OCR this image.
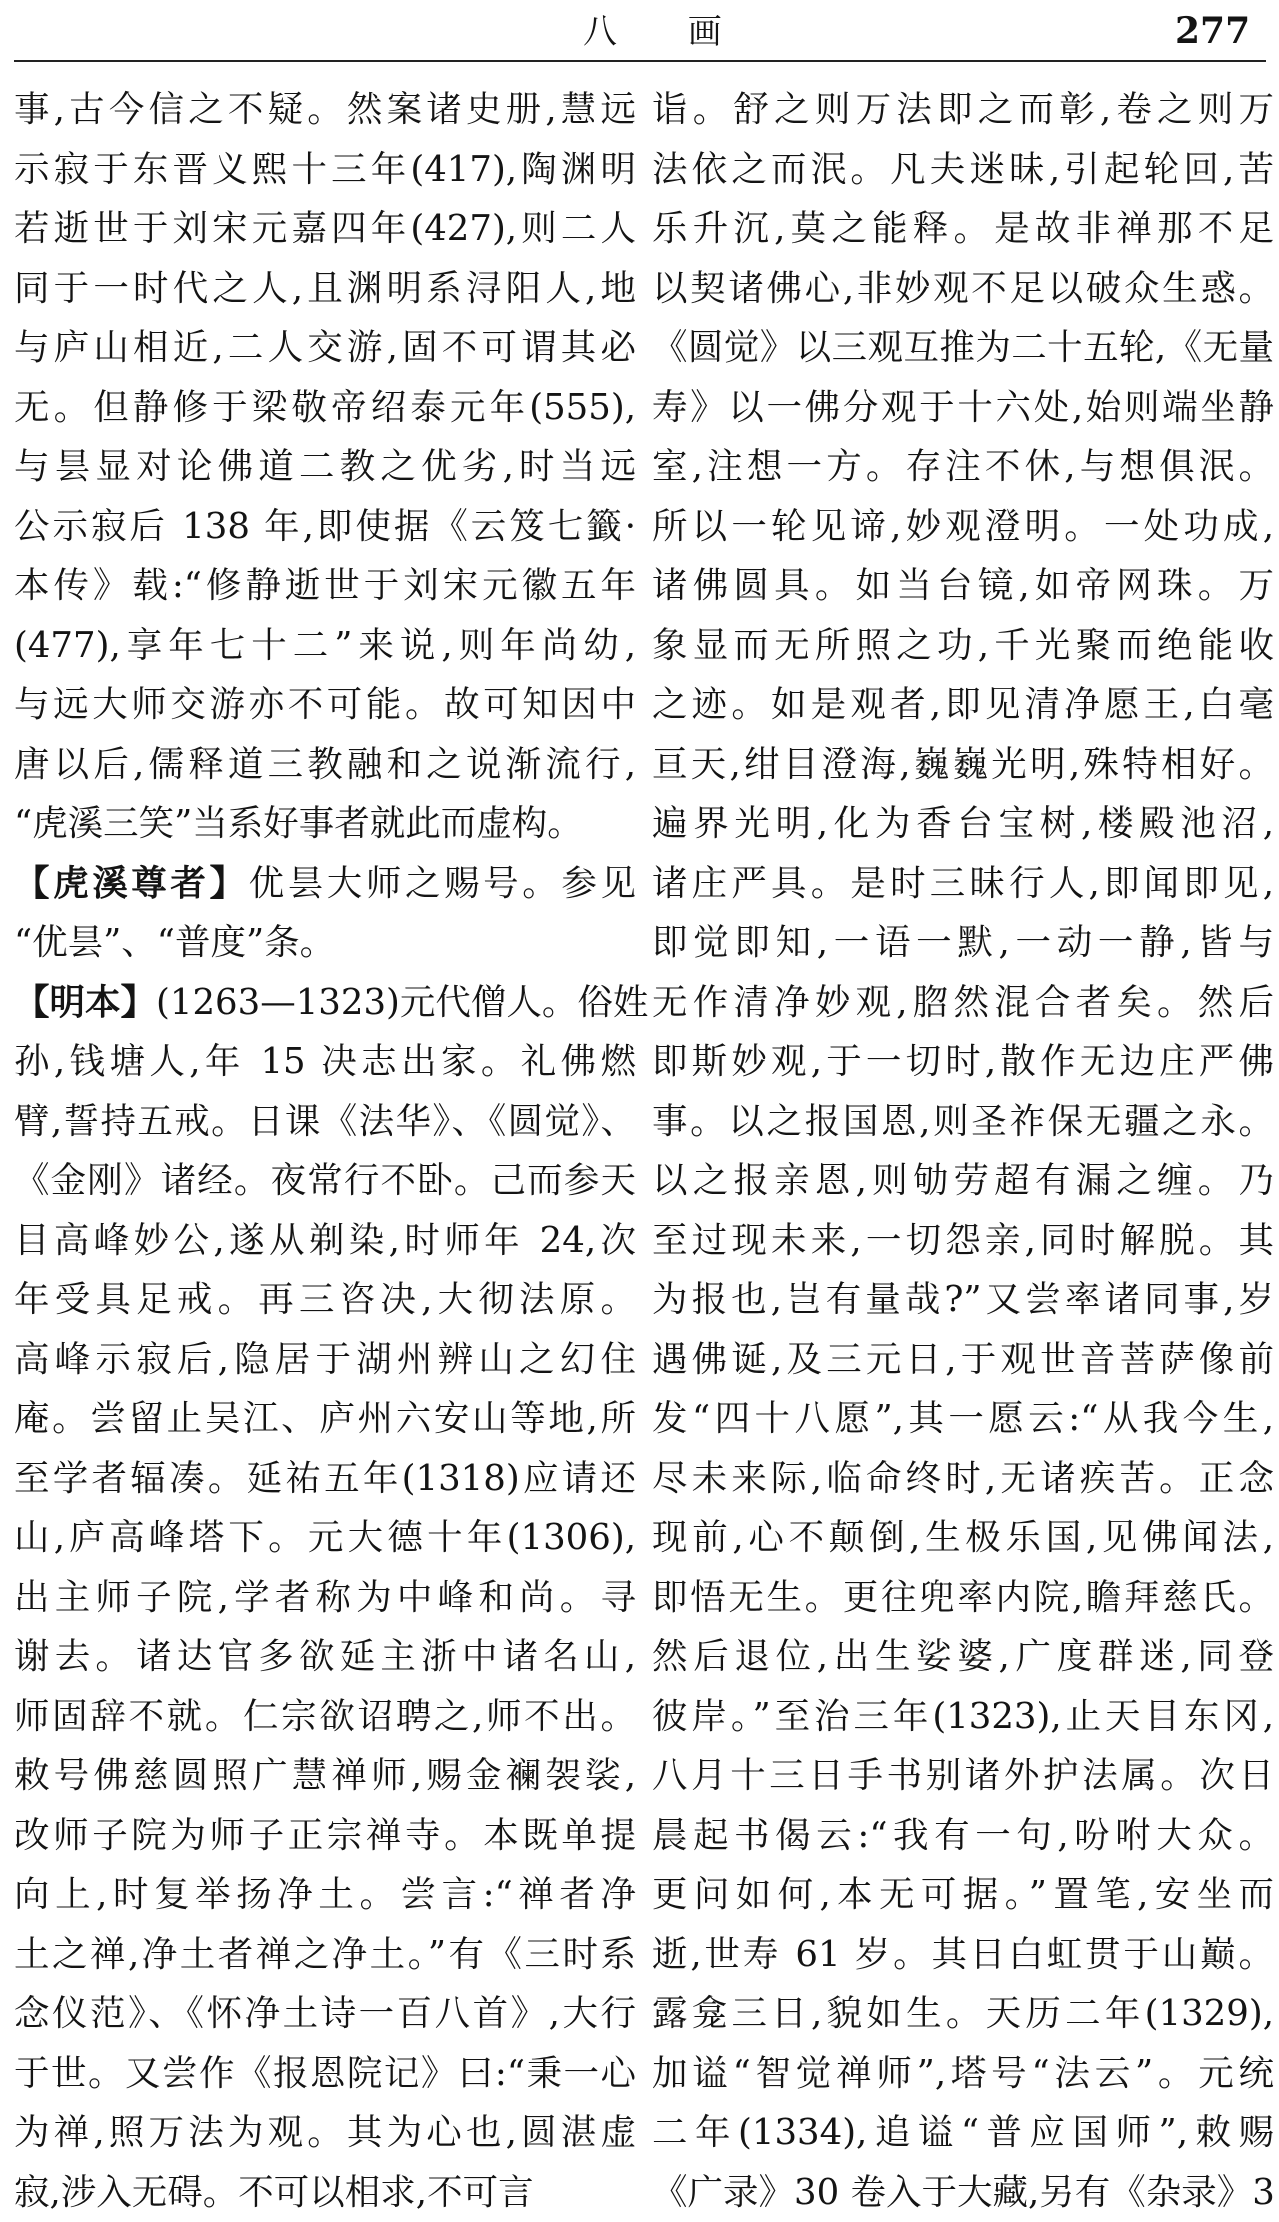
八 画	277
事,古今信之不疑。然案诸史册,慧远
示寂于东晋义熙十三年(417),陶渊明
若逝世于刘宋元嘉四年(427),则二人
同于一时代之人,且渊明系浔阳人,地
与庐山相近,二人交游,固不可谓其必
无。但静修于梁敬帝绍泰元年(555),
与昙显对论佛道二教之优劣,时当远
公示寂后 138 年,即使据《云笈七籤·
本传》载:“修静逝世于刘宋元徽五年
(477),享年七十二”来说,则年尚幼,
与远大师交游亦不可能。故可知因中
唐以后,儒释道三教融和之说渐流行,
“虎溪三笑”当系好事者就此而虚构。
【虎溪尊者】优昙大师之赐号。参见
“优昙”、“普度”条。
【明本】(1263—1323)元代僧人。俗姓
孙,钱塘人,年 15 决志出家。礼佛燃
臂,誓持五戒。日课《法华》、《圆觉》、
《金刚》诸经。夜常行不卧。己而参天
目高峰妙公,遂从剃染,时师年 24,次
年受具足戒。再三咨决,大彻法原。
高峰示寂后,隐居于湖州辨山之幻住
庵。尝留止吴江、庐州六安山等地,所
至学者辐凑。延祐五年(1318)应请还
山,庐高峰塔下。元大德十年(1306),
出主师子院,学者称为中峰和尚。寻
谢去。诸达官多欲延主浙中诸名山,
师固辞不就。仁宗欲诏聘之,师不出。
敕号佛慈圆照广慧禅师,赐金襕袈裟,
改师子院为师子正宗禅寺。本既单提
向上,时复举扬净土。尝言:“禅者净
土之禅,净土者禅之净土。”有《三时系
念仪范》、《怀净土诗一百八首》,大行
于世。又尝作《报恩院记》曰:“秉一心
为禅,照万法为观。其为心也,圆湛虚
寂,涉入无碍。不可以相求,不可言
诣。舒之则万法即之而彰,卷之则万
法依之而泯。凡夫迷昧,引起轮回,苦
乐升沉,莫之能释。是故非禅那不足
以契诸佛心,非妙观不足以破众生惑。
《圆觉》以三观互推为二十五轮,《无量
寿》以一佛分观于十六处,始则端坐静
室,注想一方。存注不休,与想俱泯。
所以一轮见谛,妙观澄明。一处功成,
诸佛圆具。如当台镜,如帝网珠。万
象显而无所照之功,千光聚而绝能收
之迹。如是观者,即见清净愿王,白毫
亘天,绀目澄海,巍巍光明,殊特相好。
遍界光明,化为香台宝树,楼殿池沼,
诸庄严具。是时三昧行人,即闻即见,
即觉即知,一语一默,一动一静,皆与
无作清净妙观,脗然混合者矣。然后
即斯妙观,于一切时,散作无边庄严佛
事。以之报国恩,则圣祚保无疆之永。
以之报亲恩,则劬劳超有漏之缠。乃
至过现未来,一切怨亲,同时解脱。其
为报也,岂有量哉?”又尝率诸同事,岁
遇佛诞,及三元日,于观世音菩萨像前
发“四十八愿”,其一愿云:“从我今生,
尽未来际,临命终时,无诸疾苦。正念
现前,心不颠倒,生极乐国,见佛闻法,
即悟无生。更往兜率内院,瞻拜慈氏。
然后退位,出生娑婆,广度群迷,同登
彼岸。”至治三年(1323),止天目东冈,
八月十三日手书别诸外护法属。次日
晨起书偈云:“我有一句,吩咐大众。
更问如何,本无可据。”置笔,安坐而
逝,世寿 61 岁。其日白虹贯于山巅。
露龛三日,貌如生。天历二年(1329),
加谥“智觉禅师”,塔号“法云”。元统
二年(1334),追谥“普应国师”,敕赐
《广录》30 卷入于大藏,另有《杂录》3
